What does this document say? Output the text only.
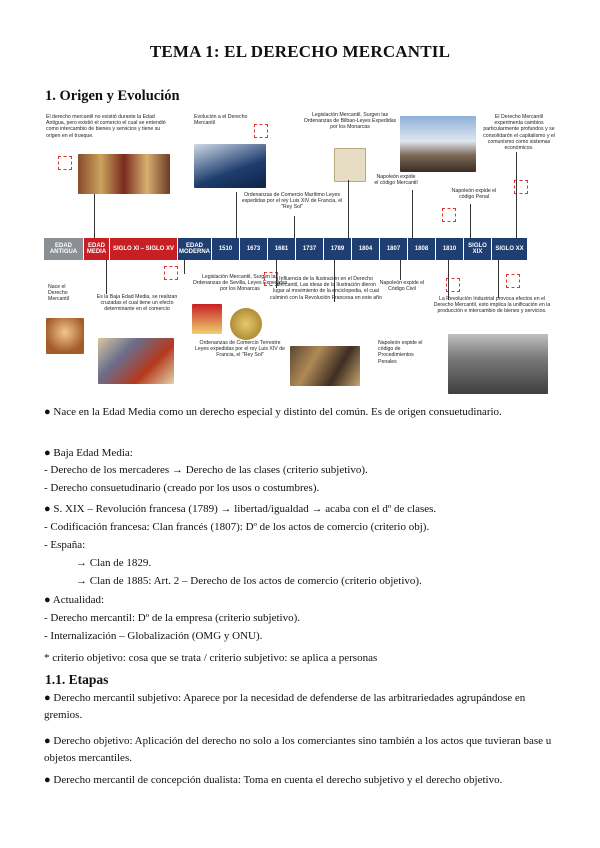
TEMA 1: EL DERECHO MERCANTIL
1. Origen y Evolución
EDAD ANTIGUA
EDAD MEDIA
SIGLO XI – SIGLO XV
EDAD MODERNA
1510	1673	1681	1737	1789	1804	1807	1808	1810
SIGLO XIX
SIGLO XX
El derecho mercantil no existió durante la Edad Antigua, pero existió el comercio el cual se entendió como intercambio de bienes y servicios y tiene su origen en el trueque.
Evolución a el Derecho Mercantil
Legislación Mercantil, Surgen las Ordenanzas de Bilbao-Leyes Expedidas por los Monarcas
El Derecho Mercantil experimenta cambios particularmente profundos y se consolidarón el capitalismo y el comunismo como sistemas económicos.
Ordenanzas de Comercio Marítimo Leyes expedidas por el rey Luis XIV de Francia, el "Rey Sol"
Napoleón expide el código Mercantil
Napoleón expide el código Penal
Nace el Derecho Mercantil	Es la Baja Edad Media, se realizan cruzadas el cual tiene un efecto determinante en el comercio
Legislación Mercantil, Surgen las Ordenanzas de Sevilla, Leyes Expedidas por los Monarcas
Influencia de la Ilustración en el Derecho Mercantil, Las ideas de la Ilustración dieron lugar al movimiento de la enciclopedia, el cual culminó con la Revolución Francesa en este año
Napoleón expide el Código Civil
La Revolución Industrial provoca efectos en el Derecho Mercantil, esto implica la unificación en la producción e intercambio de bienes y servicios.
Ordenanzas de Comercio Terrestre Leyes expedidas por el rey Luis XIV de Francia, el "Rey Sol"
Napoleón expide el código de Procedimientos Penales
● Nace en la Edad Media como un derecho especial y distinto del común. Es de origen consuetudinario.
● Baja Edad Media:
- Derecho de los mercaderes → Derecho de las clases (criterio subjetivo).
- Derecho consuetudinario (creado por los usos o costumbres).
● S. XIX – Revolución francesa (1789) → libertad/igualdad → acaba con el dº de clases.
- Codificación francesa: Clan francés (1807): Dº de los actos de comercio (criterio obj).
- España:
→ Clan de 1829.
→ Clan de 1885: Art. 2 – Derecho de los actos de comercio (criterio objetivo).
● Actualidad:
- Derecho mercantil: Dº de la empresa (criterio subjetivo).
- Internalización – Globalización (OMG y ONU).
* criterio objetivo: cosa que se trata / criterio subjetivo: se aplica a personas
1.1. Etapas
● Derecho mercantil subjetivo: Aparece por la necesidad de defenderse de las arbitrariedades agrupándose en gremios.
● Derecho objetivo: Aplicación del derecho no solo a los comerciantes sino también a los actos que tuvieran base u objetos mercantiles.
● Derecho mercantil de concepción dualista: Toma en cuenta el derecho subjetivo y el derecho objetivo.
